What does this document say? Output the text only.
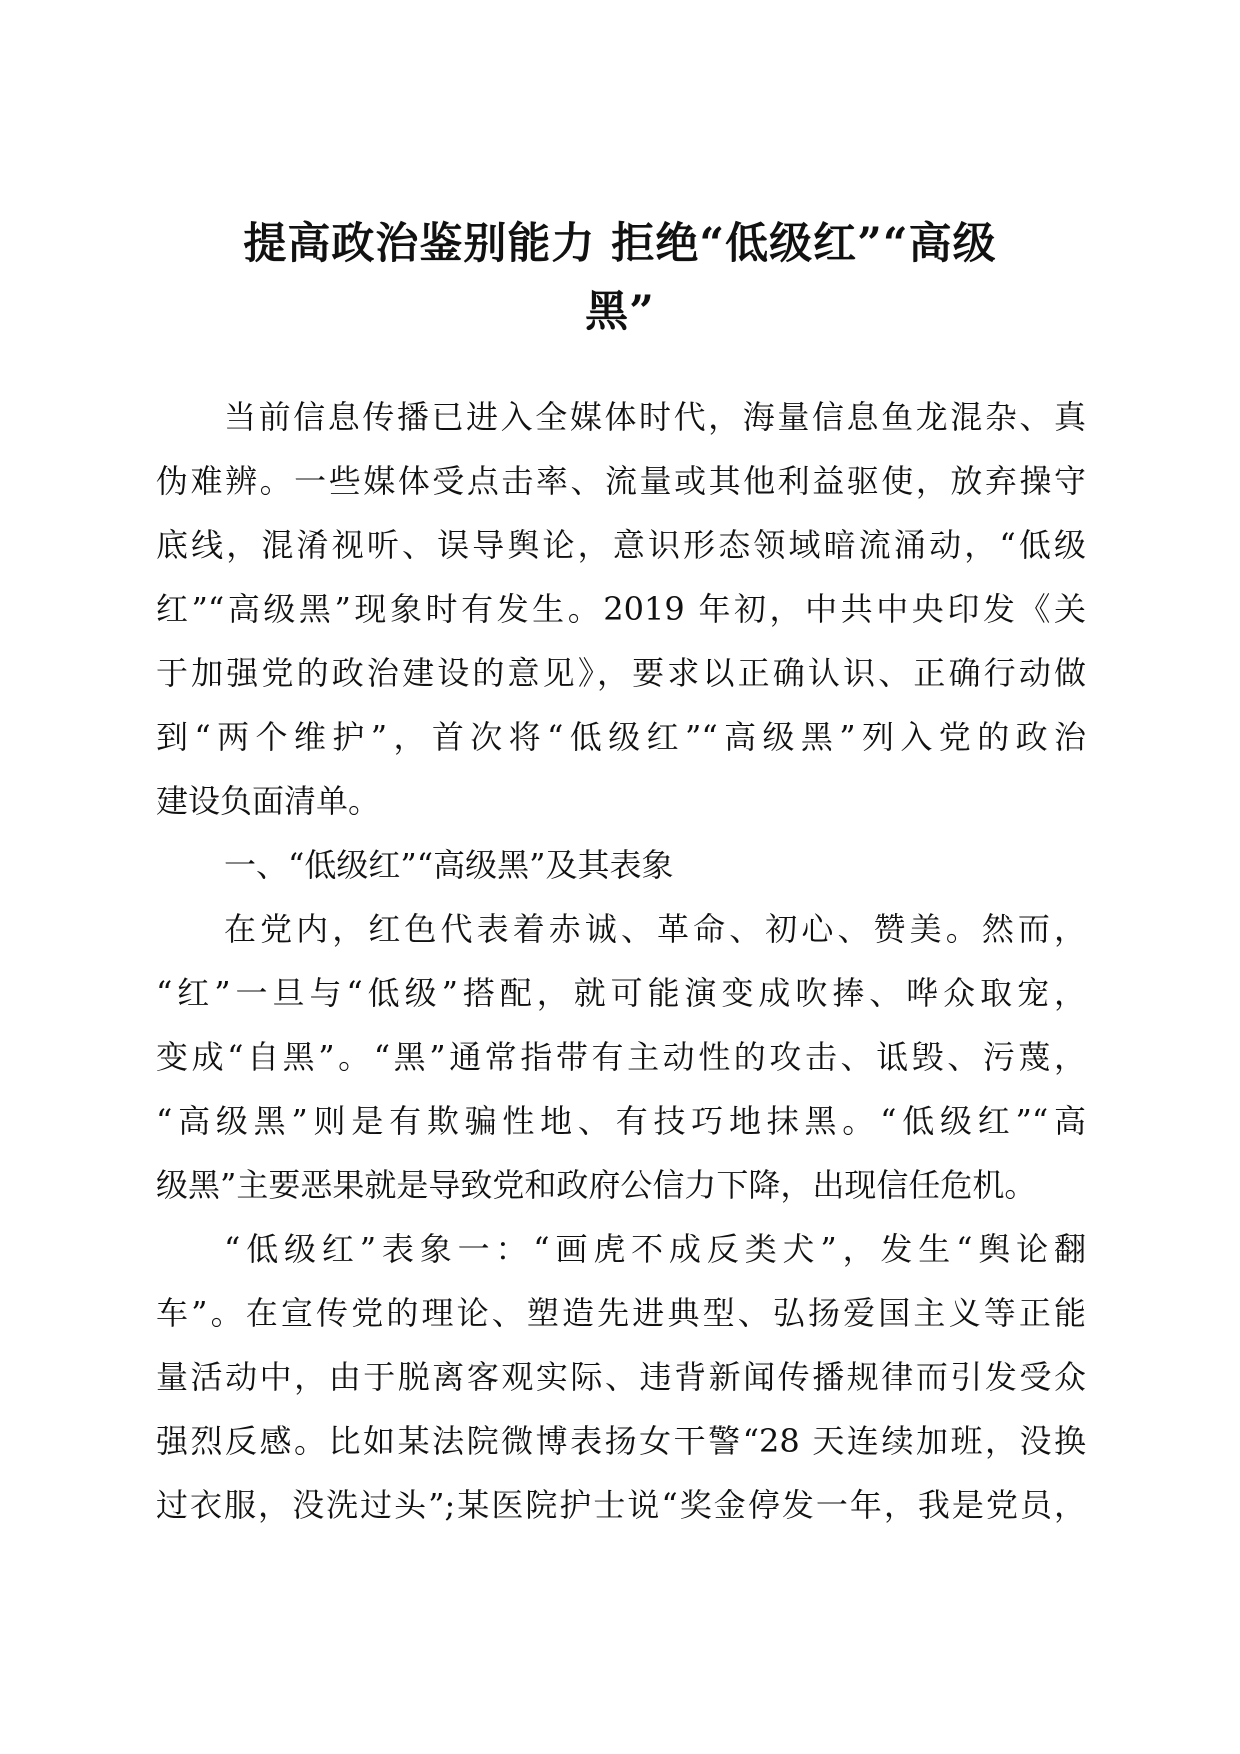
提高政治鉴别能力 拒绝“低级红”“高级
黑”
当前信息传播已进入全媒体时代，海量信息鱼龙混杂、真
伪难辨。一些媒体受点击率、流量或其他利益驱使，放弃操守
底线，混淆视听、误导舆论，意识形态领域暗流涌动，“低级
红”“高级黑”现象时有发生。2019 年初，中共中央印发《关
于加强党的政治建设的意见》，要求以正确认识、正确行动做
到“两个维护”，首次将“低级红”“高级黑”列入党的政治
建设负面清单。
一、“低级红”“高级黑”及其表象
在党内，红色代表着赤诚、革命、初心、赞美。然而，
“红”一旦与“低级”搭配，就可能演变成吹捧、哗众取宠，
变成“自黑”。“黑”通常指带有主动性的攻击、诋毁、污蔑，
“高级黑”则是有欺骗性地、有技巧地抹黑。“低级红”“高
级黑”主要恶果就是导致党和政府公信力下降，出现信任危机。
“低级红”表象一：“画虎不成反类犬”，发生“舆论翻
车”。在宣传党的理论、塑造先进典型、弘扬爱国主义等正能
量活动中，由于脱离客观实际、违背新闻传播规律而引发受众
强烈反感。比如某法院微博表扬女干警“28 天连续加班，没换
过衣服，没洗过头”;某医院护士说“奖金停发一年，我是党员，
